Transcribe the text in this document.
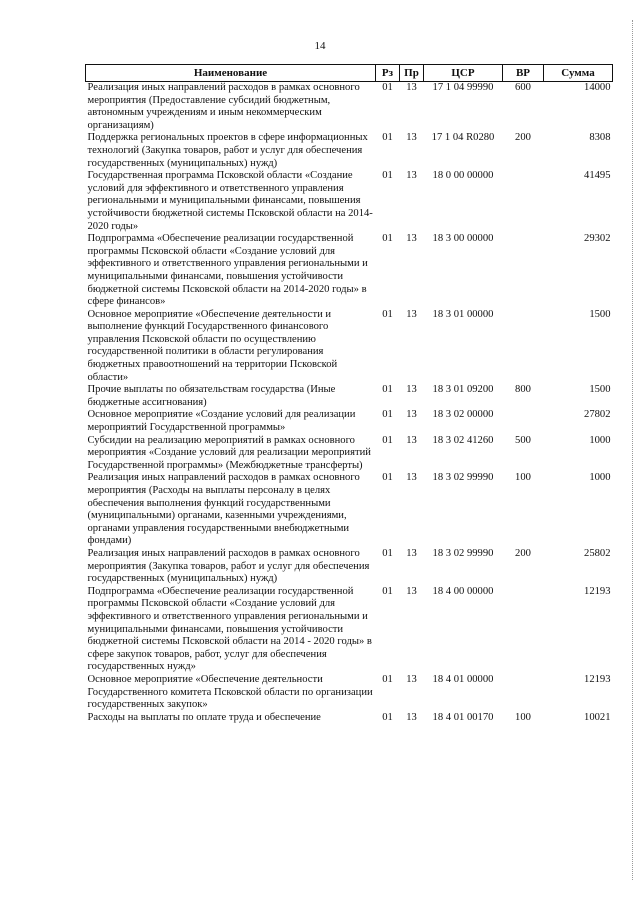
14
Наименование	Рз	Пр	ЦСР	ВР	Сумма
Реализация иных направлений расходов в рамках основного мероприятия (Предоставление субсидий бюджетным, автономным учреждениям и иным некоммерческим организациям)	01	13	17 1 04 99990	600	14000
Поддержка региональных проектов в сфере информационных технологий (Закупка товаров, работ и услуг для обеспечения государственных (муниципальных) нужд)	01	13	17 1 04 R0280	200	8308
Государственная программа Псковской области «Создание условий для эффективного и ответственного управления региональными и муниципальными финансами, повышения устойчивости бюджетной системы Псковской области на 2014-2020 годы»	01	13	18 0 00 00000		41495
Подпрограмма «Обеспечение реализации государственной программы Псковской области «Создание условий для эффективного и ответственного управления региональными и муниципальными финансами, повышения устойчивости бюджетной системы Псковской области на 2014-2020 годы» в сфере финансов»	01	13	18 3 00 00000		29302
Основное мероприятие «Обеспечение деятельности и выполнение функций Государственного финансового управления Псковской области по осуществлению государственной политики в области регулирования бюджетных правоотношений на территории Псковской области»	01	13	18 3 01 00000		1500
Прочие выплаты по обязательствам государства (Иные бюджетные ассигнования)	01	13	18 3 01 09200	800	1500
Основное мероприятие «Создание условий для реализации мероприятий Государственной программы»	01	13	18 3 02 00000		27802
Субсидии на реализацию мероприятий в рамках основного мероприятия «Создание условий для реализации мероприятий Государственной программы» (Межбюджетные трансферты)	01	13	18 3 02 41260	500	1000
Реализация иных направлений расходов в рамках основного мероприятия (Расходы на выплаты персоналу в целях обеспечения выполнения функций государственными (муниципальными) органами, казенными учреждениями, органами управления государственными внебюджетными фондами)	01	13	18 3 02 99990	100	1000
Реализация иных направлений расходов в рамках основного мероприятия (Закупка товаров, работ и услуг для обеспечения государственных (муниципальных) нужд)	01	13	18 3 02 99990	200	25802
Подпрограмма «Обеспечение реализации государственной программы Псковской области «Создание условий для эффективного и ответственного управления региональными и муниципальными финансами, повышения устойчивости бюджетной системы Псковской области на 2014 - 2020 годы» в сфере закупок товаров, работ, услуг для обеспечения государственных нужд»	01	13	18 4 00 00000		12193
Основное мероприятие «Обеспечение деятельности Государственного комитета Псковской области по организации государственных закупок»	01	13	18 4 01 00000		12193
Расходы на выплаты по оплате труда и обеспечение	01	13	18 4 01 00170	100	10021
